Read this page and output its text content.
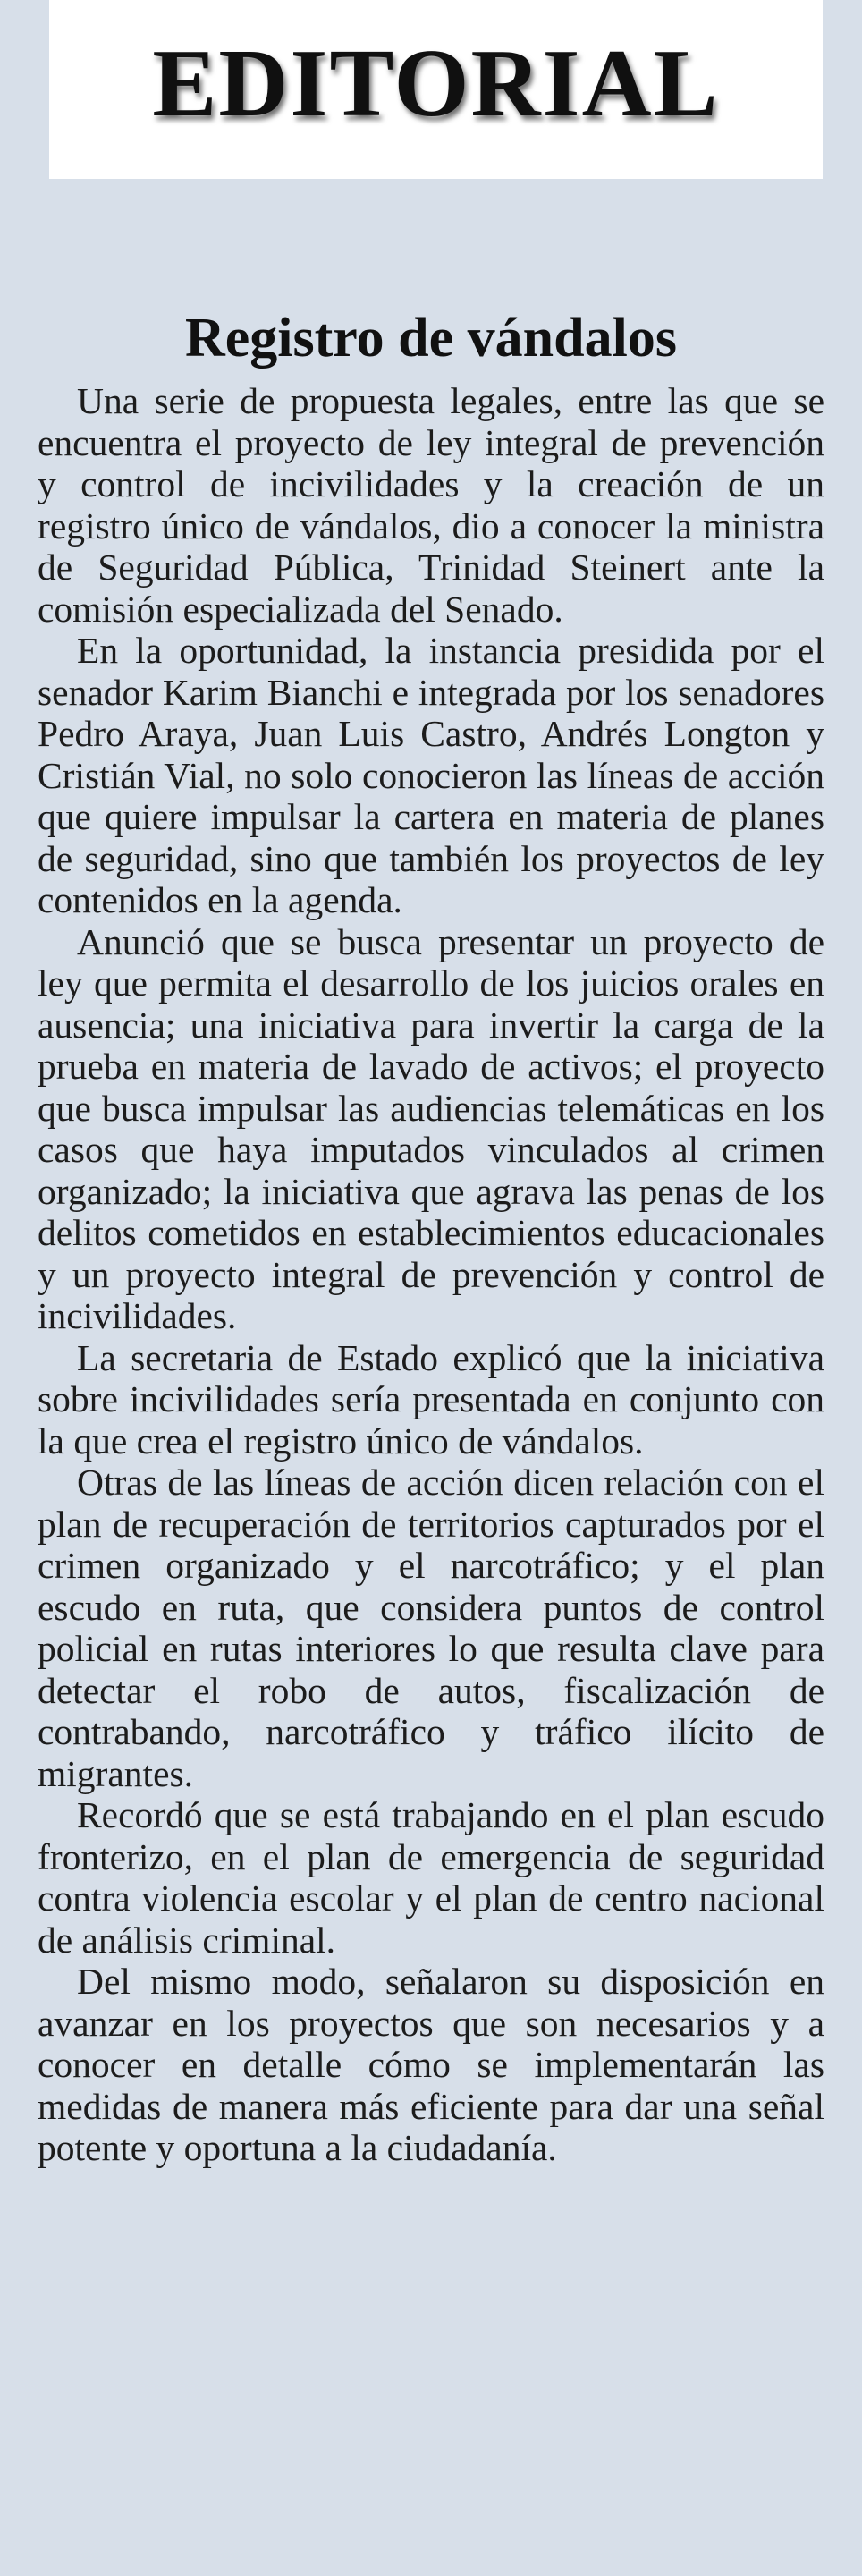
EDITORIAL
Registro de vándalos

Una serie de propuesta legales, entre las que se encuentra el proyecto de ley integral de prevención y control de incivilidades y la creación de un registro único de vándalos, dio a conocer la ministra de Seguridad Pública, Trinidad Steinert ante la comisión especializada del Senado.

En la oportunidad, la instancia presidida por el senador Karim Bianchi e integrada por los senadores Pedro Araya, Juan Luis Castro, Andrés Longton y Cristián Vial, no solo conocieron las líneas de acción que quiere impulsar la cartera en materia de planes de seguridad, sino que también los proyectos de ley contenidos en la agenda.

Anunció que se busca presentar un proyecto de ley que permita el desarrollo de los juicios orales en ausencia; una iniciativa para invertir la carga de la prueba en materia de lavado de activos; el proyecto que busca impulsar las audiencias telemáticas en los casos que haya imputados vinculados al crimen organizado; la iniciativa que agrava las penas de los delitos cometidos en establecimientos educacionales y un proyecto integral de prevención y control de incivilidades.

La secretaria de Estado explicó que la iniciativa sobre incivilidades sería presentada en conjunto con la que crea el registro único de vándalos.

Otras de las líneas de acción dicen relación con el plan de recuperación de territorios capturados por el crimen organizado y el narcotráfico; y el plan escudo en ruta, que considera puntos de control policial en rutas interiores lo que resulta clave para detectar el robo de autos, fiscalización de contrabando, narcotráfico y tráfico ilícito de migrantes.

Recordó que se está trabajando en el plan escudo fronterizo, en el plan de emergencia de seguridad contra violencia escolar y el plan de centro nacional de análisis criminal.

Del mismo modo, señalaron su disposición en avanzar en los proyectos que son necesarios y a conocer en detalle cómo se implementarán las medidas de manera más eficiente para dar una señal potente y oportuna a la ciudadanía.
